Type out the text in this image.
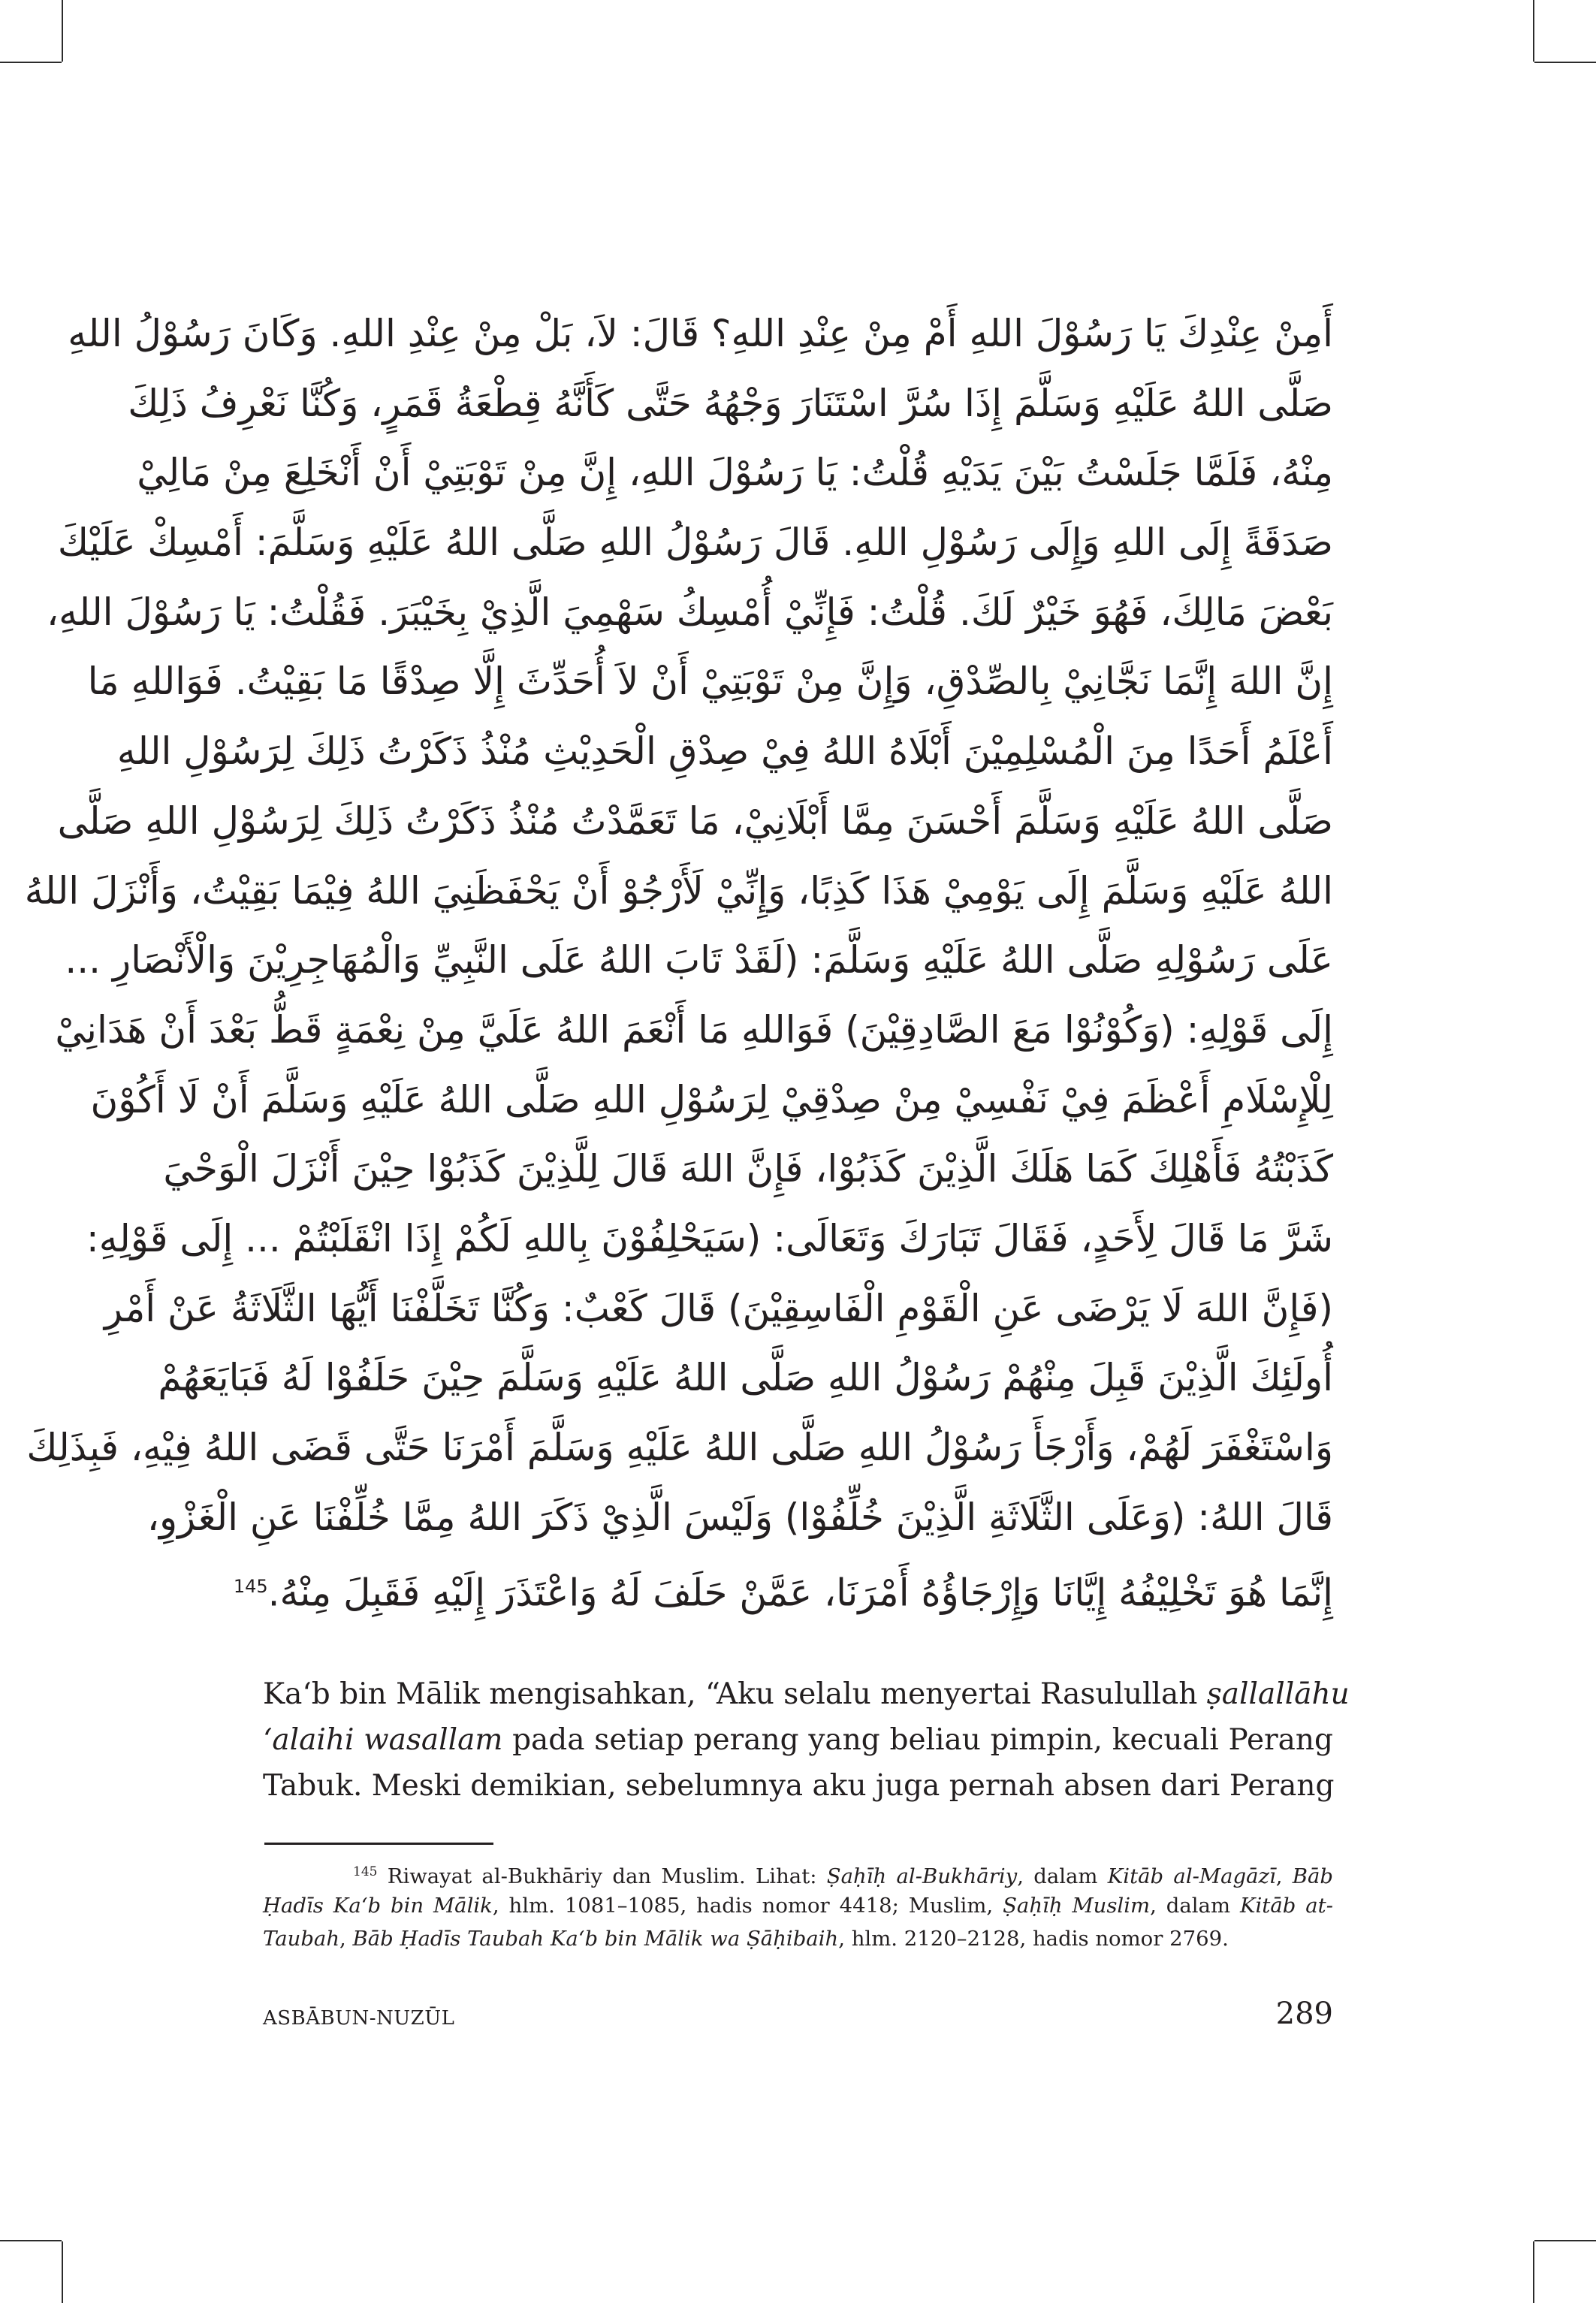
أَمِنْ عِنْدِكَ يَا رَسُوْلَ اللهِ أَمْ مِنْ عِنْدِ اللهِ؟ قَالَ: لاَ، بَلْ مِنْ عِنْدِ اللهِ. وَكَانَ رَسُوْلُ اللهِ
صَلَّى اللهُ عَلَيْهِ وَسَلَّمَ إِذَا سُرَّ اسْتَنَارَ وَجْهُهُ حَتَّى كَأَنَّهُ قِطْعَةُ قَمَرٍ، وَكُنَّا نَعْرِفُ ذَلِكَ
مِنْهُ، فَلَمَّا جَلَسْتُ بَيْنَ يَدَيْهِ قُلْتُ: يَا رَسُوْلَ اللهِ، إِنَّ مِنْ تَوْبَتِيْ أَنْ أَنْخَلِعَ مِنْ مَالِيْ
صَدَقَةً إِلَى اللهِ وَإِلَى رَسُوْلِ اللهِ. قَالَ رَسُوْلُ اللهِ صَلَّى اللهُ عَلَيْهِ وَسَلَّمَ: أَمْسِكْ عَلَيْكَ
بَعْضَ مَالِكَ، فَهُوَ خَيْرٌ لَكَ. قُلْتُ: فَإِنِّيْ أُمْسِكُ سَهْمِيَ الَّذِيْ بِخَيْبَرَ. فَقُلْتُ: يَا رَسُوْلَ اللهِ،
إِنَّ اللهَ إِنَّمَا نَجَّانِيْ بِالصِّدْقِ، وَإِنَّ مِنْ تَوْبَتِيْ أَنْ لاَ أُحَدِّثَ إِلَّا صِدْقًا مَا بَقِيْتُ. فَوَاللهِ مَا
أَعْلَمُ أَحَدًا مِنَ الْمُسْلِمِيْنَ أَبْلَاهُ اللهُ فِيْ صِدْقِ الْحَدِيْثِ مُنْذُ ذَكَرْتُ ذَلِكَ لِرَسُوْلِ اللهِ
صَلَّى اللهُ عَلَيْهِ وَسَلَّمَ أَحْسَنَ مِمَّا أَبْلَانِيْ، مَا تَعَمَّدْتُ مُنْذُ ذَكَرْتُ ذَلِكَ لِرَسُوْلِ اللهِ صَلَّى
اللهُ عَلَيْهِ وَسَلَّمَ إِلَى يَوْمِيْ هَذَا كَذِبًا، وَإِنِّيْ لَأَرْجُوْ أَنْ يَحْفَظَنِيَ اللهُ فِيْمَا بَقِيْتُ، وَأَنْزَلَ اللهُ
عَلَى رَسُوْلِهِ صَلَّى اللهُ عَلَيْهِ وَسَلَّمَ: (لَقَدْ تَابَ اللهُ عَلَى النَّبِيِّ وَالْمُهَاجِرِيْنَ وَالْأَنْصَارِ ...
إِلَى قَوْلِهِ: (وَكُوْنُوْا مَعَ الصَّادِقِيْنَ) فَوَاللهِ مَا أَنْعَمَ اللهُ عَلَيَّ مِنْ نِعْمَةٍ قَطُّ بَعْدَ أَنْ هَدَانِيْ
لِلْإِسْلَامِ أَعْظَمَ فِيْ نَفْسِيْ مِنْ صِدْقِيْ لِرَسُوْلِ اللهِ صَلَّى اللهُ عَلَيْهِ وَسَلَّمَ أَنْ لَا أَكُوْنَ
كَذَبْتُهُ فَأَهْلِكَ كَمَا هَلَكَ الَّذِيْنَ كَذَبُوْا، فَإِنَّ اللهَ قَالَ لِلَّذِيْنَ كَذَبُوْا حِيْنَ أَنْزَلَ الْوَحْيَ
شَرَّ مَا قَالَ لِأَحَدٍ، فَقَالَ تَبَارَكَ وَتَعَالَى: (سَيَحْلِفُوْنَ بِاللهِ لَكُمْ إِذَا انْقَلَبْتُمْ ... إِلَى قَوْلِهِ:
(فَإِنَّ اللهَ لَا يَرْضَى عَنِ الْقَوْمِ الْفَاسِقِيْنَ) قَالَ كَعْبٌ: وَكُنَّا تَخَلَّفْنَا أَيُّهَا الثَّلَاثَةُ عَنْ أَمْرِ
أُولَئِكَ الَّذِيْنَ قَبِلَ مِنْهُمْ رَسُوْلُ اللهِ صَلَّى اللهُ عَلَيْهِ وَسَلَّمَ حِيْنَ حَلَفُوْا لَهُ فَبَايَعَهُمْ
وَاسْتَغْفَرَ لَهُمْ، وَأَرْجَأَ رَسُوْلُ اللهِ صَلَّى اللهُ عَلَيْهِ وَسَلَّمَ أَمْرَنَا حَتَّى قَضَى اللهُ فِيْهِ، فَبِذَلِكَ
قَالَ اللهُ: (وَعَلَى الثَّلَاثَةِ الَّذِيْنَ خُلِّفُوْا) وَلَيْسَ الَّذِيْ ذَكَرَ اللهُ مِمَّا خُلِّفْنَا عَنِ الْغَزْوِ،
إِنَّمَا هُوَ تَخْلِيْفُهُ إِيَّانَا وَإِرْجَاؤُهُ أَمْرَنَا، عَمَّنْ حَلَفَ لَهُ وَاعْتَذَرَ إِلَيْهِ فَقَبِلَ مِنْهُ.$^{145}$
Ka‘b bin Mālik mengisahkan, “Aku selalu menyertai Rasulullah ṣallallāhu
‘alaihi wasallam pada setiap perang yang beliau pimpin, kecuali Perang
Tabuk. Meski demikian, sebelumnya aku juga pernah absen dari Perang
$^{145}$ Riwayat al-Bukhāriy dan Muslim. Lihat: Ṣaḥīḥ al-Bukhāriy, dalam Kitāb al-Magāzī, Bāb
Ḥadīs Ka‘b bin Mālik, hlm. 1081–1085, hadis nomor 4418; Muslim, Ṣaḥīḥ Muslim, dalam Kitāb at-
Taubah, Bāb Ḥadīs Taubah Ka‘b bin Mālik wa Ṣāḥibaih, hlm. 2120–2128, hadis nomor 2769.
ASBĀBUN-NUZŪL	289
